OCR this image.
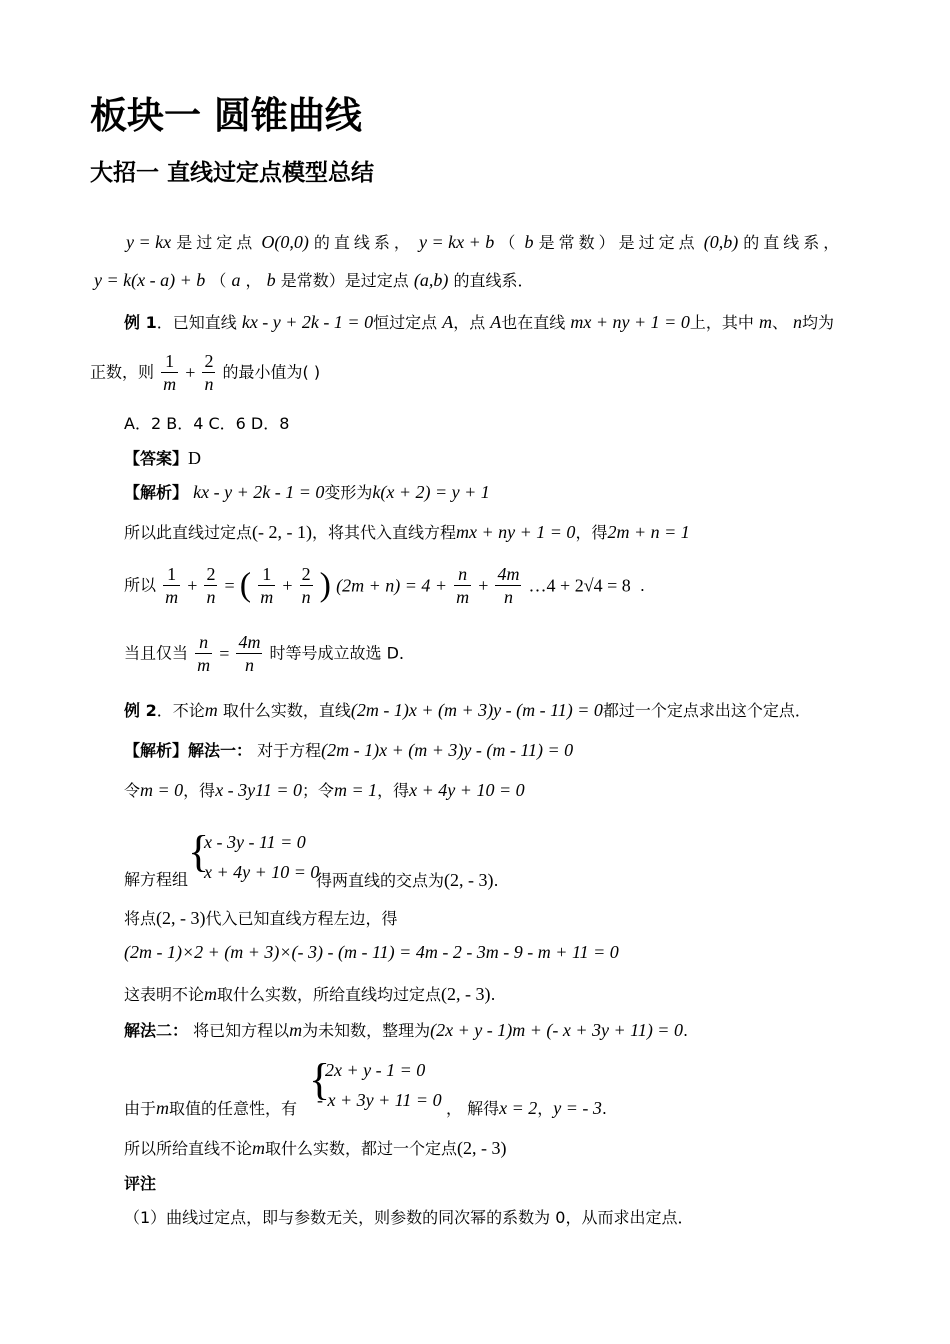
板块一 圆锥曲线
大招一 直线过定点模型总结
y = kx 是过定点 O(0,0) 的直线系， y = kx + b （ b 是常数）是过定点 (0,b) 的直线系，
y = k(x - a) + b （ a ， b 是常数）是过定点 (a,b) 的直线系．
例 1．已知直线 kx - y + 2k - 1 = 0恒过定点 A，点 A也在直线 mx + ny + 1 = 0上，其中 m、 n均为
正数，则 $\frac{1}{m} + \frac{2}{n}$ 的最小值为( )
A．2 B．4 C．6 D．8
【答案】D
【解析】 kx - y + 2k - 1 = 0变形为k(x + 2) = y + 1
所以此直线过定点(- 2, - 1)，将其代入直线方程mx + ny + 1 = 0，得2m + n = 1
所以 $\frac{1}{m} + \frac{2}{n}$ = ( $\frac{1}{m} + \frac{2}{n}$ ) $(2m + n) = 4 + \frac{n}{m} + \frac{4m}{n}$ …4 + 2√4 = 8 .
当且仅当 $\frac{n}{m} = \frac{4m}{n}$ 时等号成立故选 D．
例 2．不论m 取什么实数，直线(2m - 1)x + (m + 3)y - (m - 11) = 0都过一个定点求出这个定点．
【解析】解法一： 对于方程(2m - 1)x + (m + 3)y - (m - 11) = 0
令m = 0，得x - 3y11 = 0；令m = 1，得x + 4y + 10 = 0
解方程组
{
x - 3y - 11 = 0
x + 4y + 10 = 0
得两直线的交点为(2, - 3).
将点(2, - 3)代入已知直线方程左边，得
(2m - 1)×2 + (m + 3)×(- 3) - (m - 11) = 4m - 2 - 3m - 9 - m + 11 = 0
这表明不论m取什么实数，所给直线均过定点(2, - 3).
解法二： 将已知方程以m为未知数，整理为(2x + y - 1)m + (- x + 3y + 11) = 0.
由于m取值的任意性，有
{
2x + y - 1 = 0
- x + 3y + 11 = 0 ， 解得x = 2，y = - 3.
所以所给直线不论m取什么实数，都过一个定点(2, - 3)
评注
（1）曲线过定点，即与参数无关，则参数的同次幂的系数为 0，从而求出定点．
